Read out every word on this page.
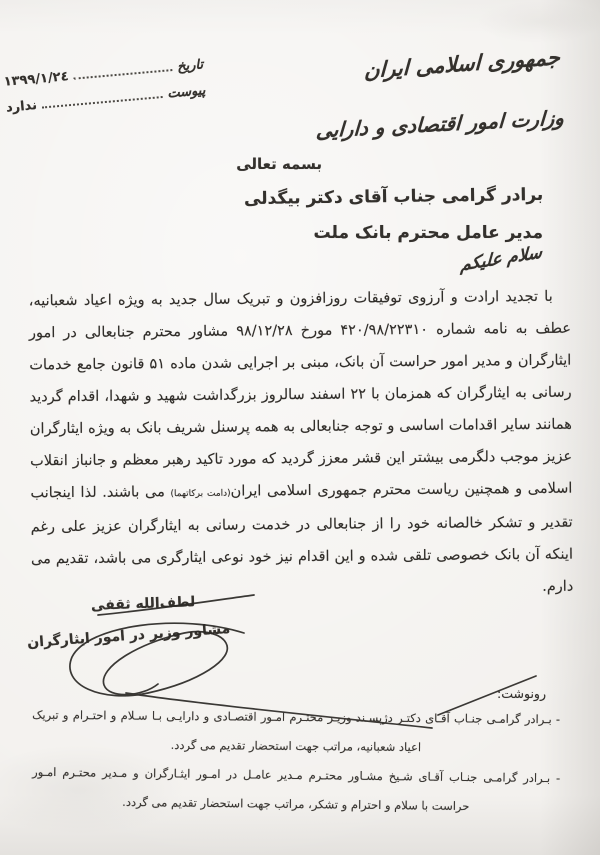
تاریخ
١٣٩٩/١/٢٤
پیوست
ندارد
جمهوری اسلامی ایران
وزارت امور اقتصادی و دارایی
بسمه تعالی
برادر گرامی جناب آقای دکتر بیگدلی
مدیر عامل محترم بانک ملت
سلام علیکم

با تجدید ارادت و آرزوی توفیقات روزافزون و تبریک سال جدید به ویژه اعیاد شعبانیه، عطف به نامه شماره ۴۲۰/۹۸/۲۲۳۱۰ مورخ ۹۸/۱۲/۲۸ مشاور محترم جنابعالی در امور ایثارگران و مدیر امور حراست آن بانک، مبنی بر اجرایی شدن ماده ۵۱ قانون جامع خدمات رسانی به ایثارگران که همزمان با ۲۲ اسفند سالروز بزرگداشت شهید و شهدا، اقدام گردید همانند سایر اقدامات اساسی و توجه جنابعالی به همه پرسنل شریف بانک به ویژه ایثارگران عزیز موجب دلگرمی بیشتر این قشر معزز گردید که مورد تاکید رهبر معظم و جانباز انقلاب اسلامی و همچنین ریاست محترم جمهوری اسلامی ایران(دامت برکاتهما) می باشند. لذا اینجانب تقدیر و تشکر خالصانه خود را از جنابعالی در خدمت رسانی به ایثارگران عزیز علی رغم اینکه آن بانک خصوصی تلقی شده و این اقدام نیز خود نوعی ایثارگری می باشد، تقدیم می دارم.

لطف‌الله ثقفی
مشاور وزیر در امور ایثارگران
رونوشت:

- بـرادر گرامـی جنـاب آقـای دکتـر دژپسـند وزیـر محتـرم امـور اقتصـادی و دارایـی بـا سـلام و احتـرام و تبریک اعیاد شعبانیه، مراتب جهت استحضار تقدیم می گردد.

- بـرادر گرامـی جنـاب آقـای شـیخ مشـاور محتـرم مـدیر عامـل در امـور ایثـارگران و مـدیر محتـرم امـور حراست با سلام و احترام و تشکر، مراتب جهت استحضار تقدیم می گردد.
